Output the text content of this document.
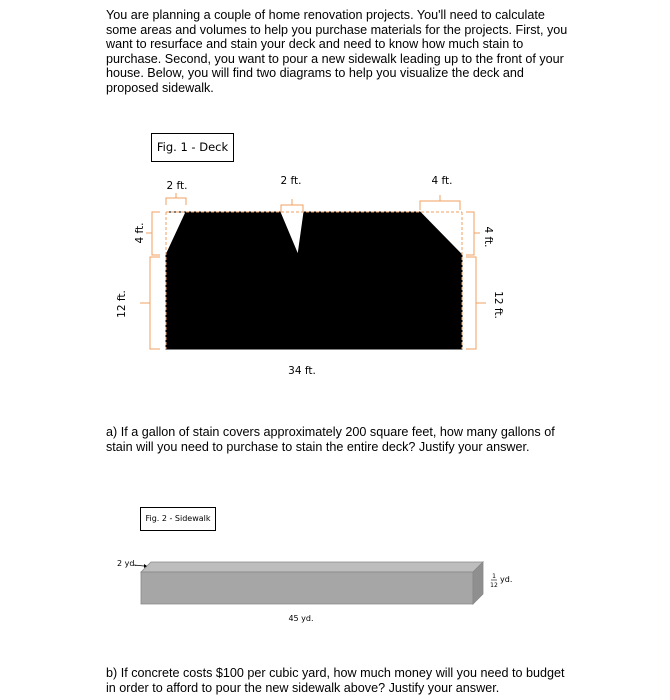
You are planning a couple of home renovation projects. You'll need to calculate some areas and volumes to help you purchase materials for the projects. First, you want to resurface and stain your deck and need to know how much stain to purchase. Second, you want to pour a new sidewalk leading up to the front of your house. Below, you will find two diagrams to help you visualize the deck and proposed sidewalk.

Fig. 1 - Deck
2 ft.	2 ft.	4 ft.
4 ft.
12 ft.
4 ft.
12 ft.
34 ft.
2 yd.
1
12
yd.
45 yd.

a) If a gallon of stain covers approximately 200 square feet, how many gallons of stain will you need to purchase to stain the entire deck? Justify your answer.

Fig. 2 - Sidewalk

b) If concrete costs $100 per cubic yard, how much money will you need to budget in order to afford to pour the new sidewalk above? Justify your answer.
